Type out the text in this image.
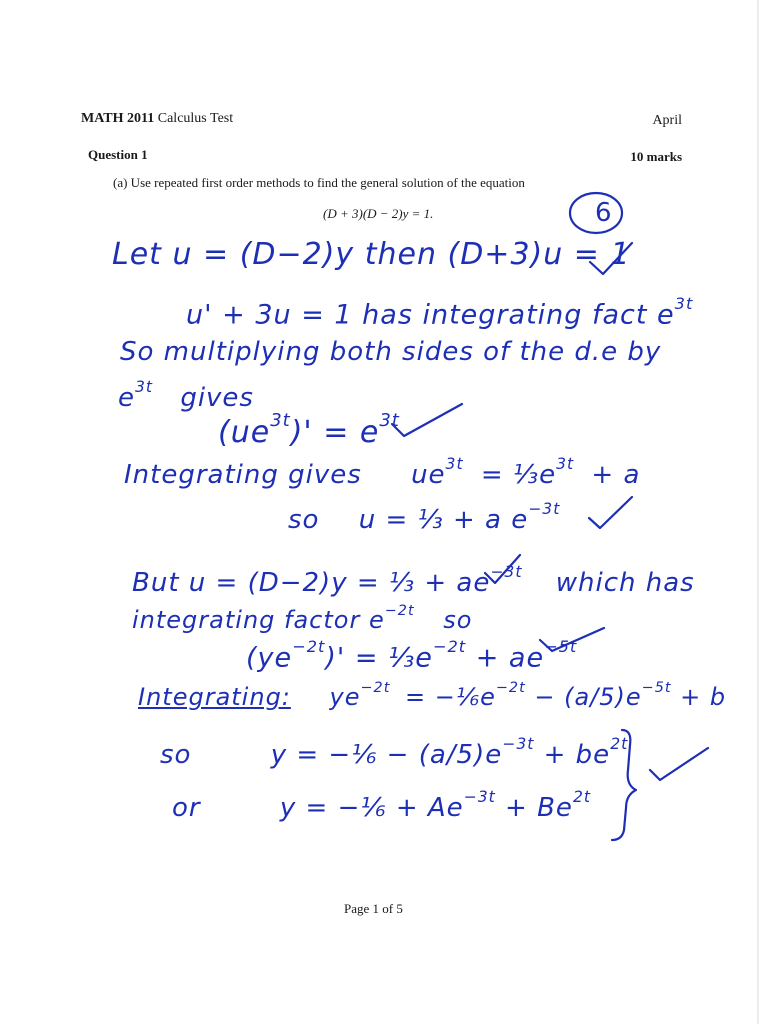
MATH 2011 Calculus Test	April
Question 1	10 marks
(a) Use repeated first order methods to find the general solution of the equation
(D + 3)(D − 2)y = 1.	6
Let u = (D−2)y then (D+3)u = 1
u' + 3u = 1 has integrating fact $e^{3t}$
So multiplying both sides of the d.e by
$e^{3t}$ gives
$(ue^{3t})' = e^{3t}$
Integrating gives $ue^{3t}$ = $\frac{1}{3}e^{3t} + a$
so u = ⅓ + a $e^{-3t}$
But u = (D−2)y = ⅓ + $ae^{-3t}$ which has
integrating factor $e^{-2t}$ so
$(ye^{-2t})'$ = $\frac{1}{3}e^{-2t} + ae^{-5t}$
Integrating: $ye^{-2t}$ = $-\frac{1}{6}e^{-2t} - (a/5)e^{-5t} + b$
so	y = −⅙ − $(a/5)e^{-3t} + be^{2t}$
or	y = −⅙ + $Ae^{-3t} + Be^{2t}$
Page 1 of 5
